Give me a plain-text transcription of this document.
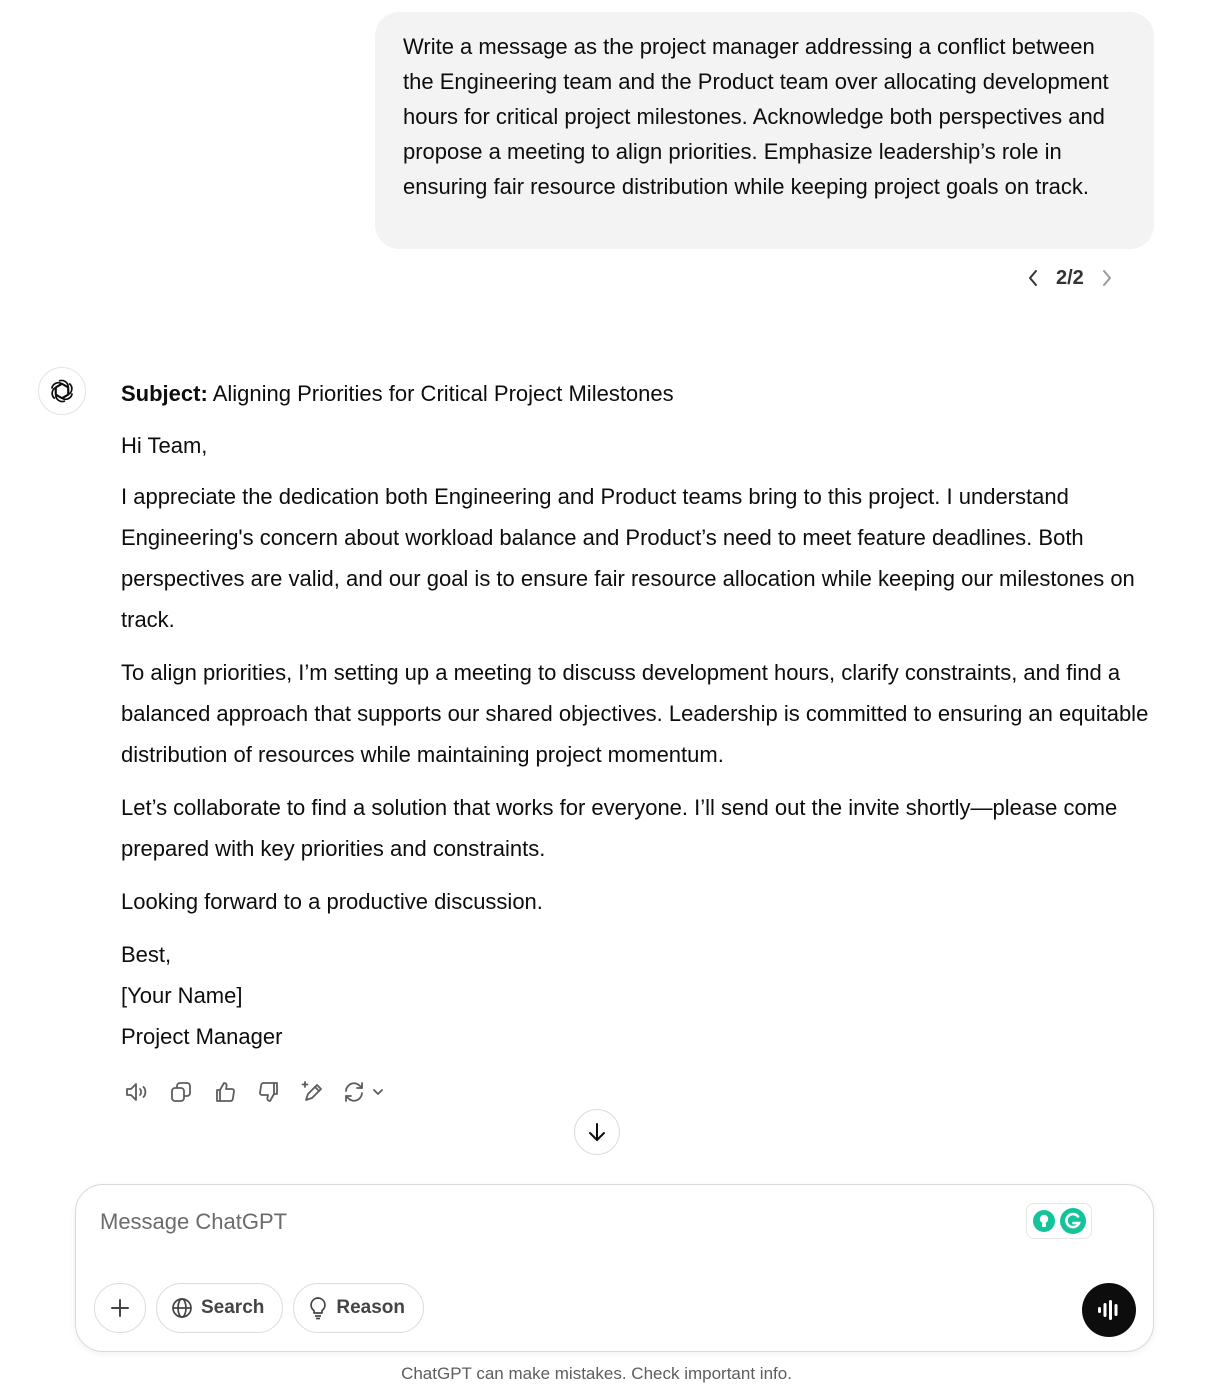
Write a message as the project manager addressing a conflict between the Engineering team and the Product team over allocating development hours for critical project milestones. Acknowledge both perspectives and propose a meeting to align priorities. Emphasize leadership’s role in ensuring fair resource distribution while keeping project goals on track.
2/2

Subject: Aligning Priorities for Critical Project Milestones

Hi Team,

I appreciate the dedication both Engineering and Product teams bring to this project. I understand Engineering's concern about workload balance and Product’s need to meet feature deadlines. Both perspectives are valid, and our goal is to ensure fair resource allocation while keeping our milestones on track.

To align priorities, I’m setting up a meeting to discuss development hours, clarify constraints, and find a balanced approach that supports our shared objectives. Leadership is committed to ensuring an equitable distribution of resources while maintaining project momentum.

Let’s collaborate to find a solution that works for everyone. I’ll send out the invite shortly—please come prepared with key priorities and constraints.

Looking forward to a productive discussion.

Best,
[Your Name]
Project Manager

Message ChatGPT
Search	Reason
ChatGPT can make mistakes. Check important info.
